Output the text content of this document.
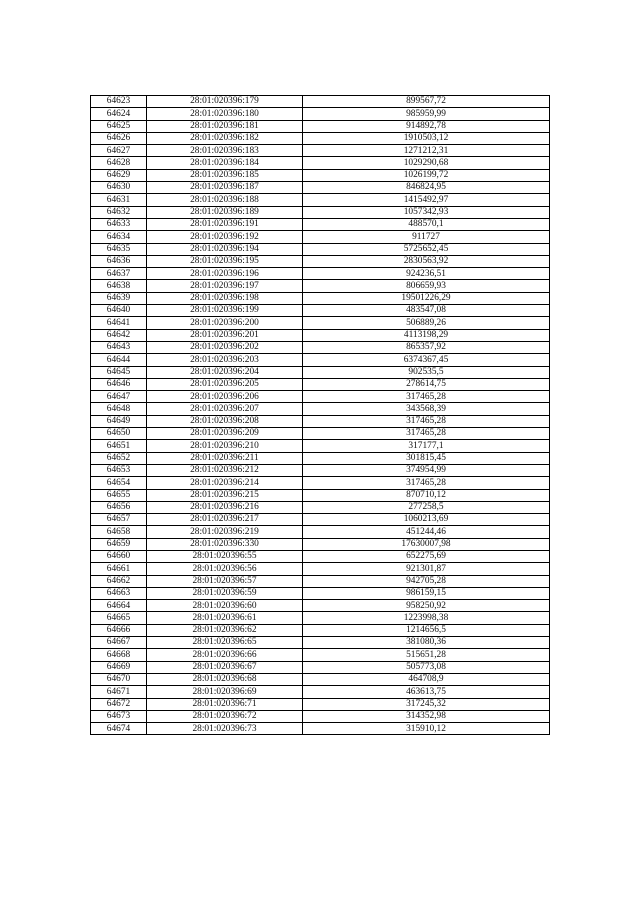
64623	28:01:020396:179	899567,72
64624	28:01:020396:180	985959,99
64625	28:01:020396:181	914892,78
64626	28:01:020396:182	1910503,12
64627	28:01:020396:183	1271212,31
64628	28:01:020396:184	1029290,68
64629	28:01:020396:185	1026199,72
64630	28:01:020396:187	846824,95
64631	28:01:020396:188	1415492,97
64632	28:01:020396:189	1057342,93
64633	28:01:020396:191	488570,1
64634	28:01:020396:192	911727
64635	28:01:020396:194	5725652,45
64636	28:01:020396:195	2830563,92
64637	28:01:020396:196	924236,51
64638	28:01:020396:197	806659,93
64639	28:01:020396:198	19501226,29
64640	28:01:020396:199	483547,08
64641	28:01:020396:200	506889,26
64642	28:01:020396:201	4113198,29
64643	28:01:020396:202	865357,92
64644	28:01:020396:203	6374367,45
64645	28:01:020396:204	902535,5
64646	28:01:020396:205	278614,75
64647	28:01:020396:206	317465,28
64648	28:01:020396:207	343568,39
64649	28:01:020396:208	317465,28
64650	28:01:020396:209	317465,28
64651	28:01:020396:210	317177,1
64652	28:01:020396:211	301815,45
64653	28:01:020396:212	374954,99
64654	28:01:020396:214	317465,28
64655	28:01:020396:215	870710,12
64656	28:01:020396:216	277258,5
64657	28:01:020396:217	1060213,69
64658	28:01:020396:219	451244,46
64659	28:01:020396:330	17630007,98
64660	28:01:020396:55	652275,69
64661	28:01:020396:56	921301,87
64662	28:01:020396:57	942705,28
64663	28:01:020396:59	986159,15
64664	28:01:020396:60	958250,92
64665	28:01:020396:61	1223998,38
64666	28:01:020396:62	1214656,5
64667	28:01:020396:65	381080,36
64668	28:01:020396:66	515651,28
64669	28:01:020396:67	505773,08
64670	28:01:020396:68	464708,9
64671	28:01:020396:69	463613,75
64672	28:01:020396:71	317245,32
64673	28:01:020396:72	314352,98
64674	28:01:020396:73	315910,12
